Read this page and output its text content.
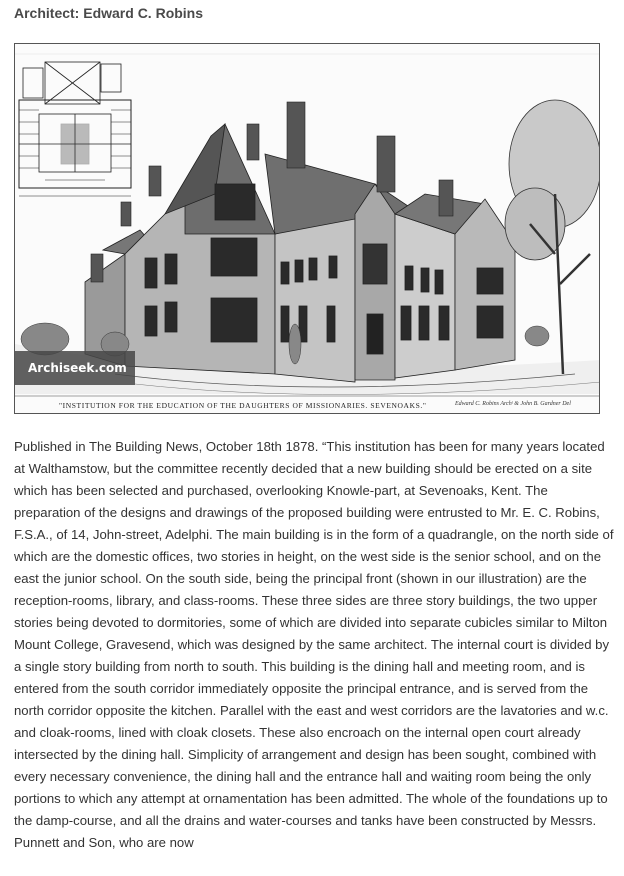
Architect: Edward C. Robins
Archiseek.com
"INSTITUTION FOR THE EDUCATION OF THE DAUGHTERS OF MISSIONARIES. SEVENOAKS."	Edward C. Robins Archᵗ & John B. Gardner Del

Published in The Building News, October 18th 1878. “This institution has been for many years located at Walthamstow, but the committee recently decided that a new building should be erected on a site which has been selected and purchased, overlooking Knowle-part, at Sevenoaks, Kent. The preparation of the designs and drawings of the proposed building were entrusted to Mr. E. C. Robins, F.S.A., of 14, John-street, Adelphi. The main building is in the form of a quadrangle, on the north side of which are the domestic offices, two stories in height, on the west side is the senior school, and on the east the junior school. On the south side, being the principal front (shown in our illustration) are the reception-rooms, library, and class-rooms. These three sides are three story buildings, the two upper stories being devoted to dormitories, some of which are divided into separate cubicles similar to Milton Mount College, Gravesend, which was designed by the same architect. The internal court is divided by a single story building from north to south. This building is the dining hall and meeting room, and is entered from the south corridor immediately opposite the principal entrance, and is served from the north corridor opposite the kitchen. Parallel with the east and west corridors are the lavatories and w.c. and cloak-rooms, lined with cloak closets. These also encroach on the internal open court already intersected by the dining hall. Simplicity of arrangement and design has been sought, combined with every necessary convenience, the dining hall and the entrance hall and waiting room being the only portions to which any attempt at ornamentation has been admitted. The whole of the foundations up to the damp-course, and all the drains and water-courses and tanks have been constructed by Messrs. Punnett and Son, who are now
